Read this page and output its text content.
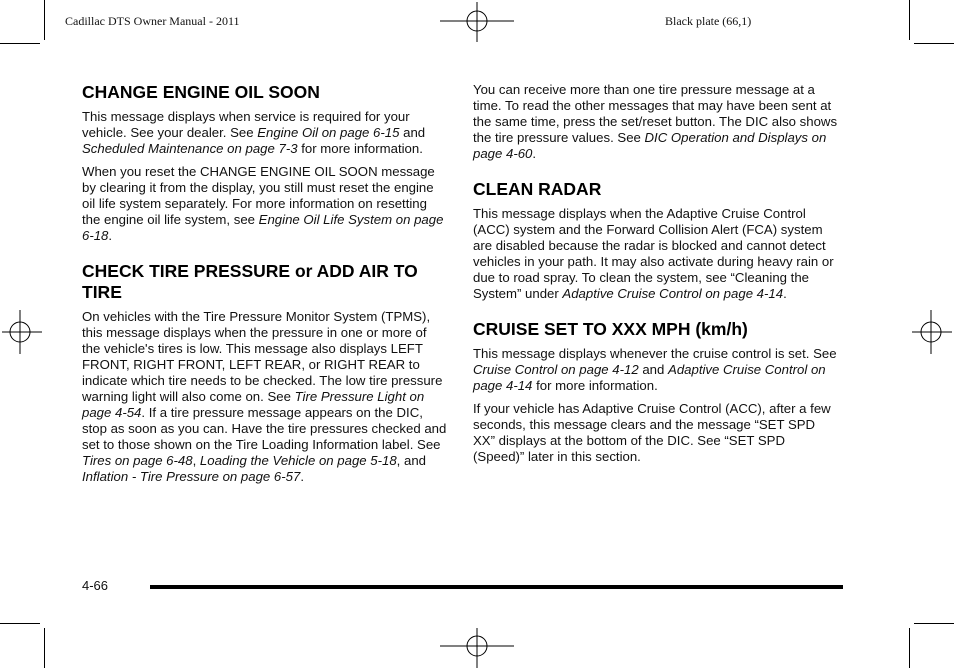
Cadillac DTS Owner Manual - 2011	Black plate (66,1)
CHANGE ENGINE OIL SOON

This message displays when service is required for your vehicle. See your dealer. See Engine Oil on page 6-15 and Scheduled Maintenance on page 7-3 for more information.

When you reset the CHANGE ENGINE OIL SOON message by clearing it from the display, you still must reset the engine oil life system separately. For more information on resetting the engine oil life system, see Engine Oil Life System on page 6-18.

CHECK TIRE PRESSURE or ADD AIR TO TIRE

On vehicles with the Tire Pressure Monitor System (TPMS), this message displays when the pressure in one or more of the vehicle's tires is low. This message also displays LEFT FRONT, RIGHT FRONT, LEFT REAR, or RIGHT REAR to indicate which tire needs to be checked. The low tire pressure warning light will also come on. See Tire Pressure Light on page 4-54. If a tire pressure message appears on the DIC, stop as soon as you can. Have the tire pressures checked and set to those shown on the Tire Loading Information label. See Tires on page 6-48, Loading the Vehicle on page 5-18, and Inflation - Tire Pressure on page 6-57.

You can receive more than one tire pressure message at a time. To read the other messages that may have been sent at the same time, press the set/reset button. The DIC also shows the tire pressure values. See DIC Operation and Displays on page 4-60.

CLEAN RADAR

This message displays when the Adaptive Cruise Control (ACC) system and the Forward Collision Alert (FCA) system are disabled because the radar is blocked and cannot detect vehicles in your path. It may also activate during heavy rain or due to road spray. To clean the system, see “Cleaning the System” under Adaptive Cruise Control on page 4-14.

CRUISE SET TO XXX MPH (km/h)

This message displays whenever the cruise control is set. See Cruise Control on page 4-12 and Adaptive Cruise Control on page 4-14 for more information.

If your vehicle has Adaptive Cruise Control (ACC), after a few seconds, this message clears and the message “SET SPD XX” displays at the bottom of the DIC. See “SET SPD (Speed)” later in this section.

4-66
